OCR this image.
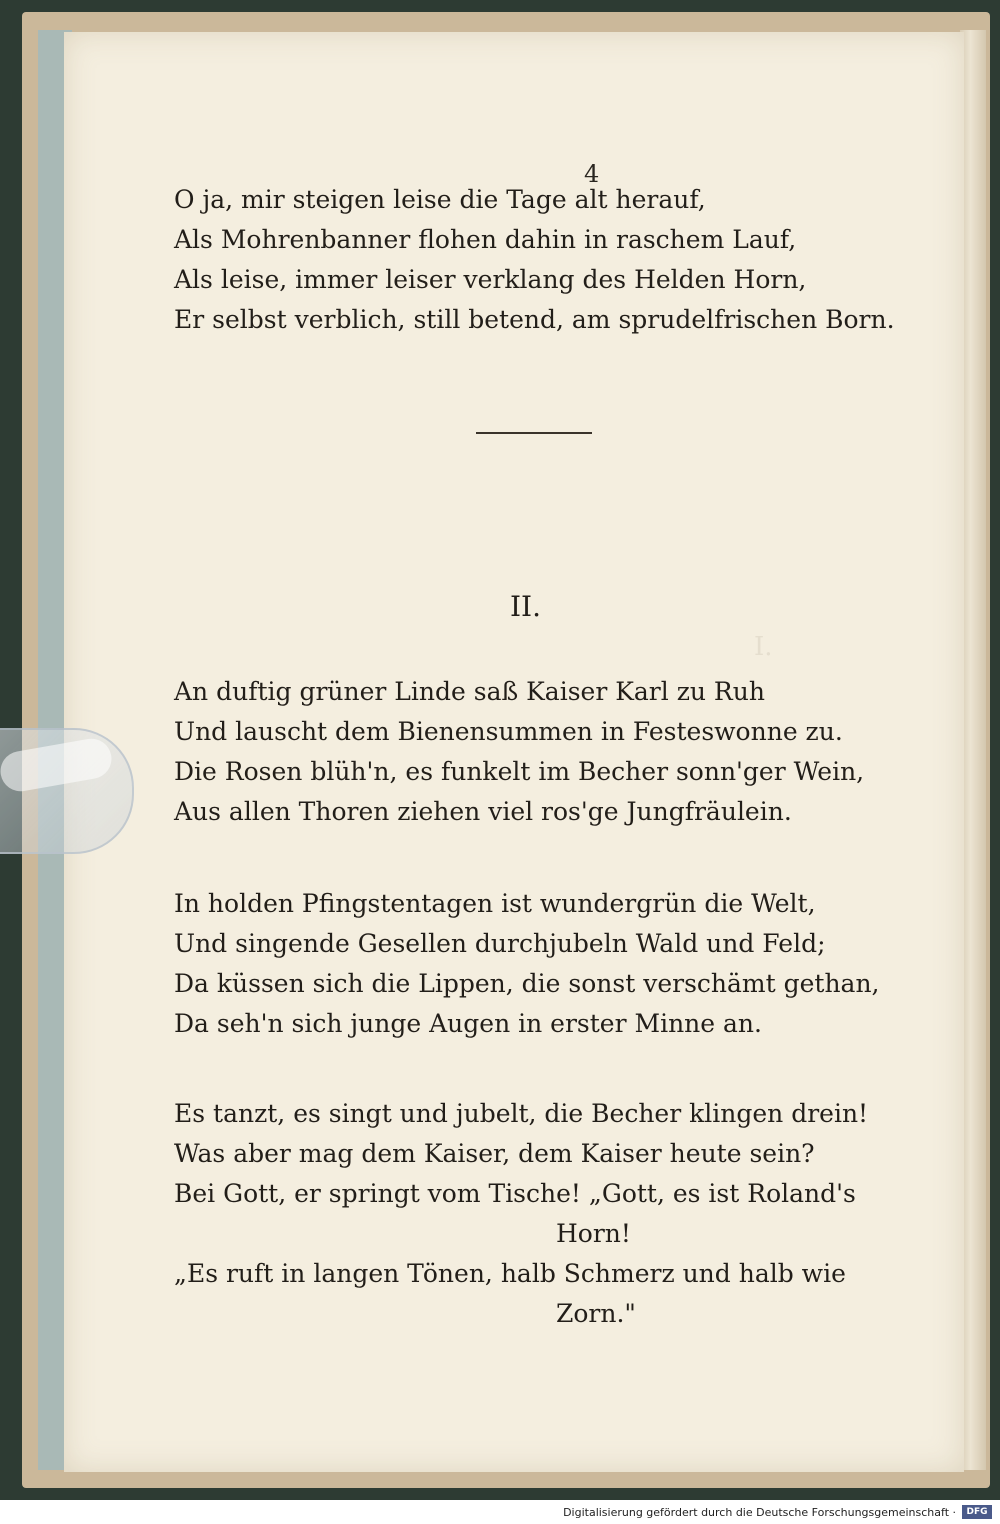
I.
4
O ja, mir steigen leise die Tage alt herauf,
Als Mohrenbanner flohen dahin in raschem Lauf,
Als leise, immer leiser verklang des Helden Horn,
Er selbst verblich, still betend, am sprudelfrischen Born.
II.
An duftig grüner Linde saß Kaiser Karl zu Ruh
Und lauscht dem Bienensummen in Festeswonne zu.
Die Rosen blüh'n, es funkelt im Becher sonn'ger Wein,
Aus allen Thoren ziehen viel ros'ge Jungfräulein.
In holden Pfingstentagen ist wundergrün die Welt,
Und singende Gesellen durchjubeln Wald und Feld;
Da küssen sich die Lippen, die sonst verschämt gethan,
Da seh'n sich junge Augen in erster Minne an.
Es tanzt, es singt und jubelt, die Becher klingen drein!
Was aber mag dem Kaiser, dem Kaiser heute sein?
Bei Gott, er springt vom Tische! „Gott, es ist Roland's
Horn!
„Es ruft in langen Tönen, halb Schmerz und halb wie
Zorn."
Digitalisierung gefördert durch die Deutsche Forschungsgemeinschaft ·	DFG
